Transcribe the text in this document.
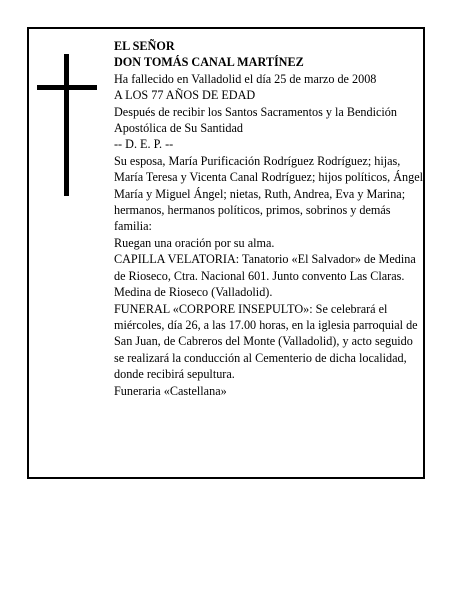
EL SEÑOR

DON TOMÁS CANAL MARTÍNEZ

Ha fallecido en Valladolid el día 25 de marzo de 2008

A LOS 77 AÑOS DE EDAD

Después de recibir los Santos Sacramentos y la Bendición Apostólica de Su Santidad

-- D. E. P. --

Su esposa, María Purificación Rodríguez Rodríguez; hijas, María Teresa y Vicenta Canal Rodríguez; hijos políticos, Ángel María y Miguel Ángel; nietas, Ruth, Andrea, Eva y Marina; hermanos, hermanos políticos, primos, sobrinos y demás familia:

Ruegan una oración por su alma.

CAPILLA VELATORIA: Tanatorio «El Salvador» de Medina de Rioseco, Ctra. Nacional 601. Junto convento Las Claras. Medina de Rioseco (Valladolid).

FUNERAL «CORPORE INSEPULTO»: Se celebrará el miércoles, día 26, a las 17.00 horas, en la iglesia parroquial de San Juan, de Cabreros del Monte (Valladolid), y acto seguido se realizará la conducción al Cementerio de dicha localidad, donde recibirá sepultura.

Funeraria «Castellana»
